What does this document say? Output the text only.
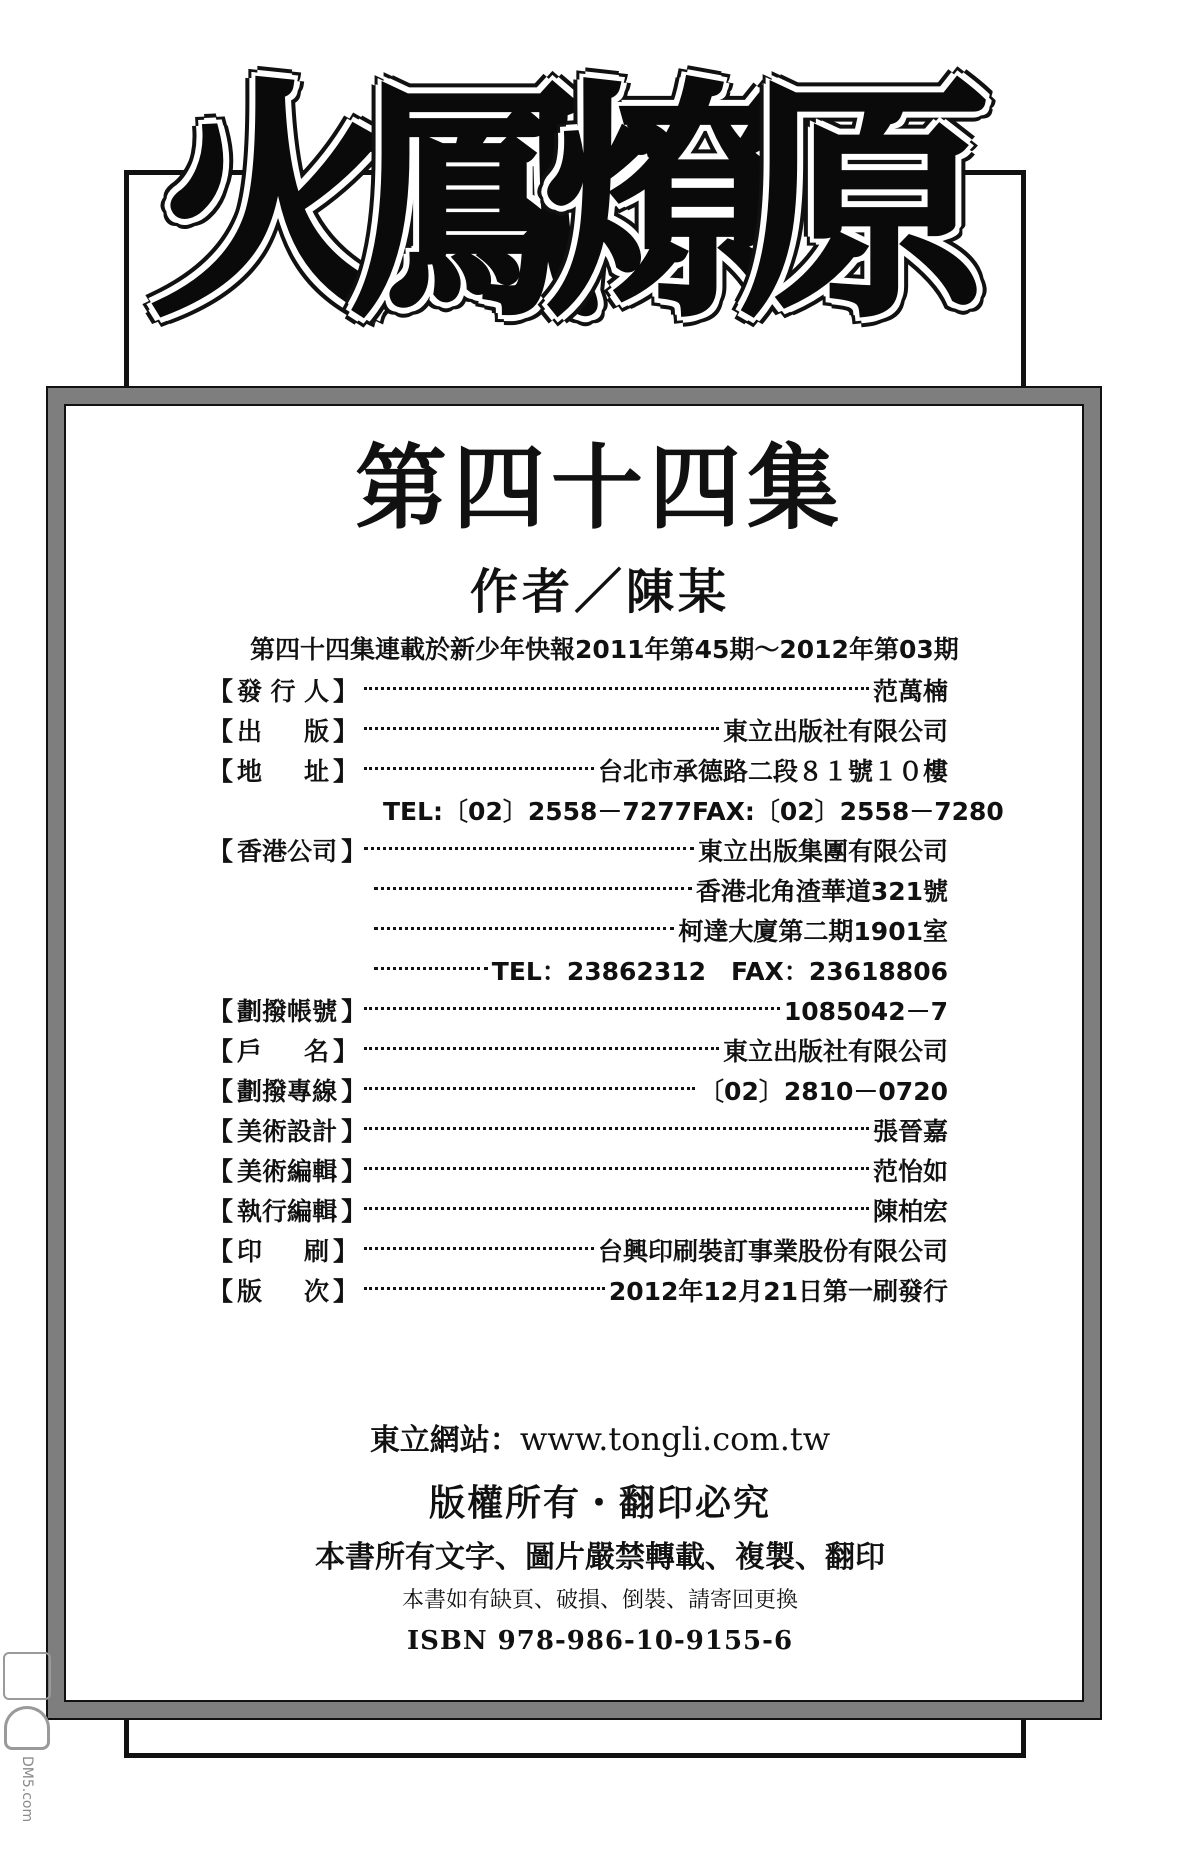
火
鳳
燎
原
第四十四集
作者／陳某
第四十四集連載於新少年快報2011年第45期～2012年第03期
【 發 行 人 】	范萬楠
【 出 版 】	東立出版社有限公司
【 地 址 】	台北市承德路二段８１號１０樓
TEL:〔02〕2558－7277 FAX:〔02〕2558－7280
【 香 港 公 司 】	東立出版集團有限公司
香港北角渣華道321號
柯達大廈第二期1901室
TEL：23862312　FAX：23618806
【 劃 撥 帳 號 】	1085042－7
【 戶 名 】	東立出版社有限公司
【 劃 撥 專 線 】	〔02〕2810－0720
【 美 術 設 計 】	張晉嘉
【 美 術 編 輯 】	范怡如
【 執 行 編 輯 】	陳柏宏
【 印 刷 】	台興印刷裝訂事業股份有限公司
【 版 次 】	2012年12月21日第一刷發行
東立網站：www.tongli.com.tw
版權所有・翻印必究
本書所有文字、圖片嚴禁轉載、複製、翻印
本書如有缺頁、破損、倒裝、請寄回更換
ISBN 978-986-10-9155-6
DM5.com
